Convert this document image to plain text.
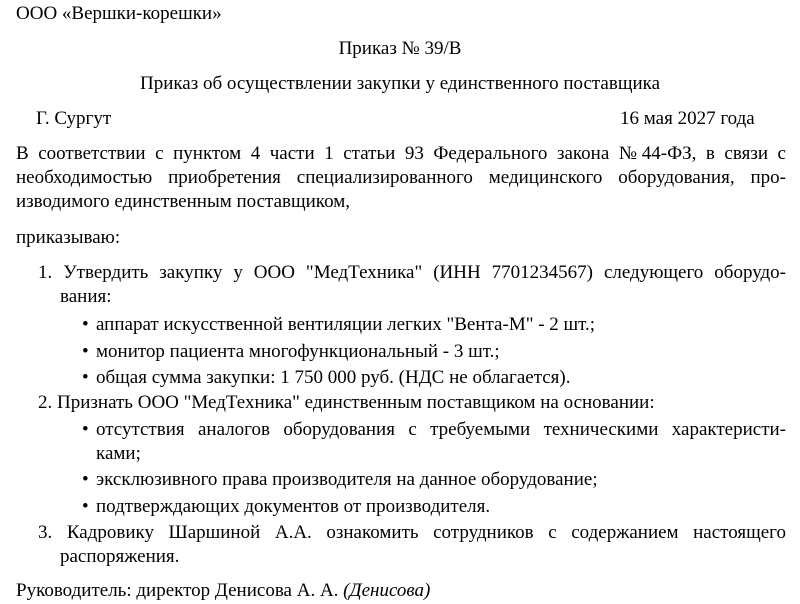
ООО «Вершки-корешки»
Приказ № 39/В
Приказ об осуществлении закупки у единственного поставщика
Г. Сургут	16 мая 2027 года
В соответствии с пунктом 4 части 1 статьи 93 Федерального закона №44-ФЗ, в связи с
необходимостью приобретения специализированного медицинского оборудования, про-
изводимого единственным поставщиком,
приказываю:
1. Утвердить закупку у ООО "МедТехника" (ИНН 7701234567) следующего оборудо-
вания:
• аппарат искусственной вентиляции легких "Вента-М" - 2 шт.;
• монитор пациента многофункциональный - 3 шт.;
• общая сумма закупки: 1 750 000 руб. (НДС не облагается).
2. Признать ООО "МедТехника" единственным поставщиком на основании:
• отсутствия аналогов оборудования с требуемыми техническими характеристи-
ками;
• эксклюзивного права производителя на данное оборудование;
• подтверждающих документов от производителя.
3. Кадровику Шаршиной А.А. ознакомить сотрудников с содержанием настоящего
распоряжения.
Руководитель: директор Денисова А. А. (Денисова)
